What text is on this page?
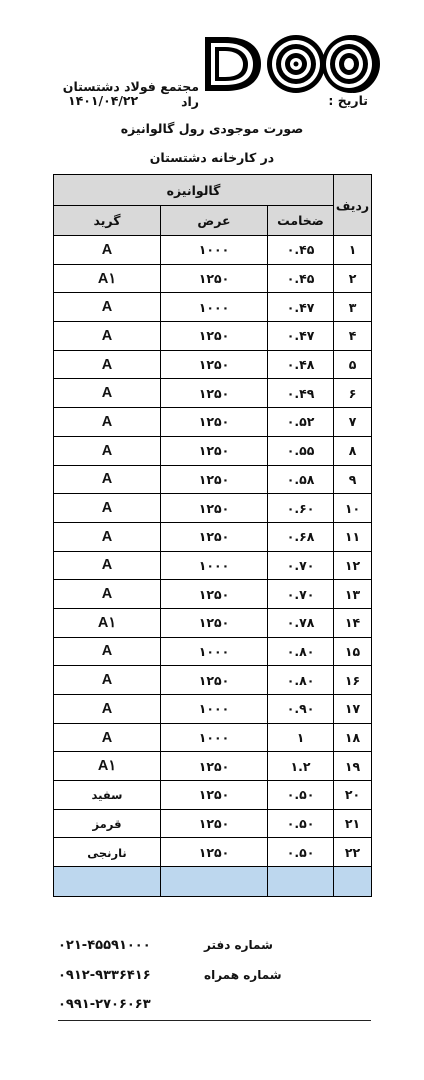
مجتمع فولاد دشتستان راد	تاریخ :
۱۴۰۱/۰۴/۲۲
صورت موجودی رول گالوانیزه
در کارخانه دشتستان
گالوانیزه			ردیف
گرید	عرض	ضخامت	
A	۱۰۰۰	۰.۴۵	۱
A۱	۱۲۵۰	۰.۴۵	۲
A	۱۰۰۰	۰.۴۷	۳
A	۱۲۵۰	۰.۴۷	۴
A	۱۲۵۰	۰.۴۸	۵
A	۱۲۵۰	۰.۴۹	۶
A	۱۲۵۰	۰.۵۲	۷
A	۱۲۵۰	۰.۵۵	۸
A	۱۲۵۰	۰.۵۸	۹
A	۱۲۵۰	۰.۶۰	۱۰
A	۱۲۵۰	۰.۶۸	۱۱
A	۱۰۰۰	۰.۷۰	۱۲
A	۱۲۵۰	۰.۷۰	۱۳
A۱	۱۲۵۰	۰.۷۸	۱۴
A	۱۰۰۰	۰.۸۰	۱۵
A	۱۲۵۰	۰.۸۰	۱۶
A	۱۰۰۰	۰.۹۰	۱۷
A	۱۰۰۰	۱	۱۸
A۱	۱۲۵۰	۱.۲	۱۹
سفید	۱۲۵۰	۰.۵۰	۲۰
قرمز	۱۲۵۰	۰.۵۰	۲۱
نارنجی	۱۲۵۰	۰.۵۰	۲۲

شماره دفتر
۰۲۱-۴۵۵۹۱۰۰۰
شماره همراه
۰۹۱۲-۹۳۳۶۴۱۶
۰۹۹۱-۲۷۰۶۰۶۳
